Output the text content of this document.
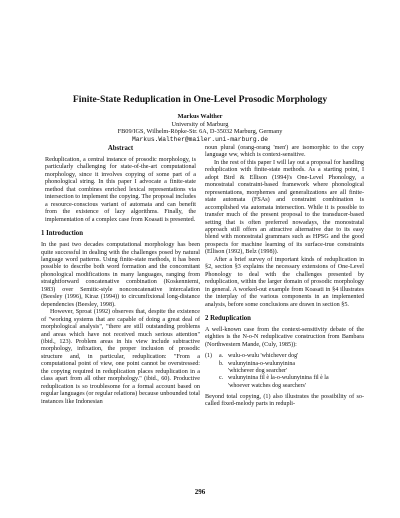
Finite-State Reduplication in One-Level Prosodic Morphology
Markus Walther
University of Marburg
FB09/IGS, Wilhelm-Röpke-Str. 6A, D-35032 Marburg, Germany
Markus.Walther@mailer.uni-marburg.de
Abstract

Reduplication, a central instance of prosodic morphology, is particularly challenging for state-of-the-art computational morphology, since it involves copying of some part of a phonological string. In this paper I advocate a finite-state method that combines enriched lexical representations via intersection to implement the copying. The proposal includes a resource-conscious variant of automata and can benefit from the existence of lazy algorithms. Finally, the implementation of a complex case from Koasati is presented.

1 Introduction

In the past two decades computational morphology has been quite successful in dealing with the challenges posed by natural language word patterns. Using finite-state methods, it has been possible to describe both word formation and the concomitant phonological modifications in many languages, ranging from straightforward concatenative combination (Koskenniemi, 1983) over Semitic-style nonconcatenative intercalation (Beesley (1996), Kiraz (1994)) to circumfixional long-distance dependencies (Beesley, 1998).

However, Sproat (1992) observes that, despite the existence of "working systems that are capable of doing a great deal of morphological analysis", "there are still outstanding problems and areas which have not received much serious attention" (ibid., 123). Problem areas in his view include subtractive morphology, infixation, the proper inclusion of prosodic structure and, in particular, reduplication: "From a computational point of view, one point cannot be overstressed: the copying required in reduplication places reduplication in a class apart from all other morphology." (ibid., 60). Productive reduplication is so troublesome for a formal account based on regular languages (or regular relations) because unbounded total instances like Indonesian

noun plural (orang-orang 'men') are isomorphic to the copy language ww, which is context-sensitive.

In the rest of this paper I will lay out a proposal for handling reduplication with finite-state methods. As a starting point, I adopt Bird & Ellison (1994)'s One-Level Phonology, a monostratal constraint-based framework where phonological representations, morphemes and generalizations are all finite-state automata (FSAs) and constraint combination is accomplished via automata intersection. While it is possible to transfer much of the present proposal to the transducer-based setting that is often preferred nowadays, the monostratal approach still offers an attractive alternative due to its easy blend with monostratal grammars such as HPSG and the good prospects for machine learning of its surface-true constraints (Ellison (1992), Belz (1998)).

After a brief survey of important kinds of reduplication in §2, section §3 explains the necessary extensions of One-Level Phonology to deal with the challenges presented by reduplication, within the larger domain of prosodic morphology in general. A worked-out example from Koasati in §4 illustrates the interplay of the various components in an implemented analysis, before some conclusions are drawn in section §5.

2 Reduplication

A well-known case from the context-sensitivity debate of the eighties is the N-o-N reduplicative construction from Bambara (Northwestern Mande, (Culy, 1985)):

(1)	a. wulu-o-wulu 'whichever dog'
b. wulunyinina-o-wulunyinina
'whichever dog searcher'
c. wulunyinina fil è la-o-wulunyinina fil è la
'whoever watches dog searchers'

Beyond total copying, (1) also illustrates the possibility of so-called fixed-melody parts in redupli-

296
